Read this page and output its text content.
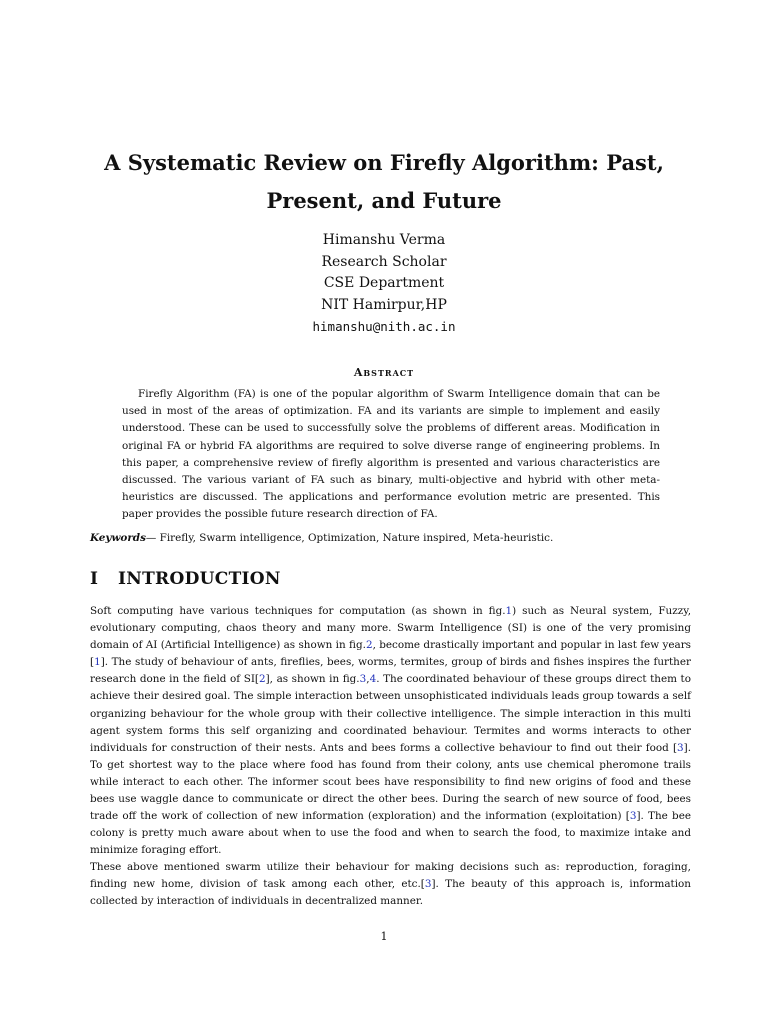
A Systematic Review on Firefly Algorithm: Past,
Present, and Future
Himanshu Verma
Research Scholar
CSE Department
NIT Hamirpur,HP
himanshu@nith.ac.in
Abstract

Firefly Algorithm (FA) is one of the popular algorithm of Swarm Intelligence domain that can be used in most of the areas of optimization. FA and its variants are simple to implement and easily understood. These can be used to successfully solve the problems of different areas. Modification in original FA or hybrid FA algorithms are required to solve diverse range of engineering problems. In this paper, a comprehensive review of firefly algorithm is presented and various characteristics are discussed. The various variant of FA such as binary, multi-objective and hybrid with other meta-heuristics are discussed. The applications and performance evolution metric are presented. This paper provides the possible future research direction of FA.

Keywords— Firefly, Swarm intelligence, Optimization, Nature inspired, Meta-heuristic.

I INTRODUCTION

Soft computing have various techniques for computation (as shown in fig.1) such as Neural system, Fuzzy, evolutionary computing, chaos theory and many more. Swarm Intelligence (SI) is one of the very promising domain of AI (Artificial Intelligence) as shown in fig.2, become drastically important and popular in last few years [1]. The study of behaviour of ants, fireflies, bees, worms, termites, group of birds and fishes inspires the further research done in the field of SI[2], as shown in fig.3,4. The coordinated behaviour of these groups direct them to achieve their desired goal. The simple interaction between unsophisticated individuals leads group towards a self organizing behaviour for the whole group with their collective intelligence. The simple interaction in this multi agent system forms this self organizing and coordinated behaviour. Termites and worms interacts to other individuals for construction of their nests. Ants and bees forms a collective behaviour to find out their food [3]. To get shortest way to the place where food has found from their colony, ants use chemical pheromone trails while interact to each other. The informer scout bees have responsibility to find new origins of food and these bees use waggle dance to communicate or direct the other bees. During the search of new source of food, bees trade off the work of collection of new information (exploration) and the information (exploitation) [3]. The bee colony is pretty much aware about when to use the food and when to search the food, to maximize intake and minimize foraging effort.

These above mentioned swarm utilize their behaviour for making decisions such as: reproduction, foraging, finding new home, division of task among each other, etc.[3]. The beauty of this approach is, information collected by interaction of individuals in decentralized manner.

1
